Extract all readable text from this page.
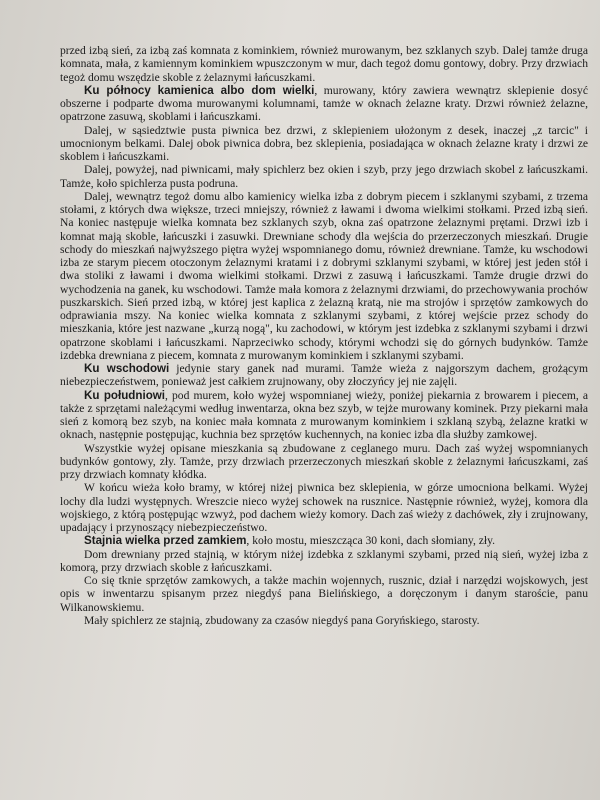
przed izbą sień, za izbą zaś komnata z kominkiem, również murowanym, bez szklanych szyb. Dalej tamże druga komnata, mała, z kamiennym kominkiem wpuszczonym w mur, dach tegoż domu gontowy, dobry. Przy drzwiach tegoż domu wszędzie skoble z żelaznymi łańcuszkami.

Ku północy kamienica albo dom wielki, murowany, który zawiera wewnątrz sklepienie dosyć obszerne i podparte dwoma murowanymi kolumnami, tamże w oknach żelazne kraty. Drzwi również żelazne, opatrzone zasuwą, skoblami i łańcuszkami.

Dalej, w sąsiedztwie pusta piwnica bez drzwi, z sklepieniem ułożonym z desek, inaczej „z tarcic" i umocnionym belkami. Dalej obok piwnica dobra, bez sklepienia, posiadająca w oknach żelazne kraty i drzwi ze skoblem i łańcuszkami.

Dalej, powyżej, nad piwnicami, mały spichlerz bez okien i szyb, przy jego drzwiach skobel z łańcuszkami. Tamże, koło spichlerza pusta podruna.

Dalej, wewnątrz tegoż domu albo kamienicy wielka izba z dobrym piecem i szklanymi szybami, z trzema stołami, z których dwa większe, trzeci mniejszy, również z ławami i dwoma wielkimi stołkami. Przed izbą sień. Na koniec następuje wielka komnata bez szklanych szyb, okna zaś opatrzone żelaznymi prętami. Drzwi izb i komnat mają skoble, łańcuszki i zasuwki. Drewniane schody dla wejścia do przerzeczonych mieszkań. Drugie schody do mieszkań najwyższego piętra wyżej wspomnianego domu, również drewniane. Tamże, ku wschodowi izba ze starym piecem otoczonym żelaznymi kratami i z dobrymi szklanymi szybami, w której jest jeden stół i dwa stoliki z ławami i dwoma wielkimi stołkami. Drzwi z zasuwą i łańcuszkami. Tamże drugie drzwi do wychodzenia na ganek, ku wschodowi. Tamże mała komora z żelaznymi drzwiami, do przechowywania prochów puszkarskich. Sień przed izbą, w której jest kaplica z żelazną kratą, nie ma strojów i sprzętów zamkowych do odprawiania mszy. Na koniec wielka komnata z szklanymi szybami, z której wejście przez schody do mieszkania, które jest nazwane „kurzą nogą", ku zachodowi, w którym jest izdebka z szklanymi szybami i drzwi opatrzone skoblami i łańcuszkami. Naprzeciwko schody, którymi wchodzi się do górnych budynków. Tamże izdebka drewniana z piecem, komnata z murowanym kominkiem i szklanymi szybami.

Ku wschodowi jedynie stary ganek nad murami. Tamże wieża z najgorszym dachem, grożącym niebezpieczeństwem, ponieważ jest całkiem zrujnowany, oby złoczyńcy jej nie zajęli.

Ku południowi, pod murem, koło wyżej wspomnianej wieży, poniżej piekarnia z browarem i piecem, a także z sprzętami należącymi według inwentarza, okna bez szyb, w tejże murowany kominek. Przy piekarni mała sień z komorą bez szyb, na koniec mała komnata z murowanym kominkiem i szklaną szybą, żelazne kratki w oknach, następnie postępując, kuchnia bez sprzętów kuchennych, na koniec izba dla służby zamkowej.

Wszystkie wyżej opisane mieszkania są zbudowane z ceglanego muru. Dach zaś wyżej wspomnianych budynków gontowy, zły. Tamże, przy drzwiach przerzeczonych mieszkań skoble z żelaznymi łańcuszkami, zaś przy drzwiach komnaty kłódka.

W końcu wieża koło bramy, w której niżej piwnica bez sklepienia, w górze umocniona belkami. Wyżej lochy dla ludzi występnych. Wreszcie nieco wyżej schowek na rusznice. Następnie również, wyżej, komora dla wojskiego, z którą postępując wzwyż, pod dachem wieży komory. Dach zaś wieży z dachówek, zły i zrujnowany, upadający i przynoszący niebezpieczeństwo.

Stajnia wielka przed zamkiem, koło mostu, mieszcząca 30 koni, dach słomiany, zły.

Dom drewniany przed stajnią, w którym niżej izdebka z szklanymi szybami, przed nią sień, wyżej izba z komorą, przy drzwiach skoble z łańcuszkami.

Co się tknie sprzętów zamkowych, a także machin wojennych, rusznic, dział i narzędzi wojskowych, jest opis w inwentarzu spisanym przez niegdyś pana Bielińskiego, a doręczonym i danym staroście, panu Wilkanowskiemu.

Mały spichlerz ze stajnią, zbudowany za czasów niegdyś pana Goryńskiego, starosty.
